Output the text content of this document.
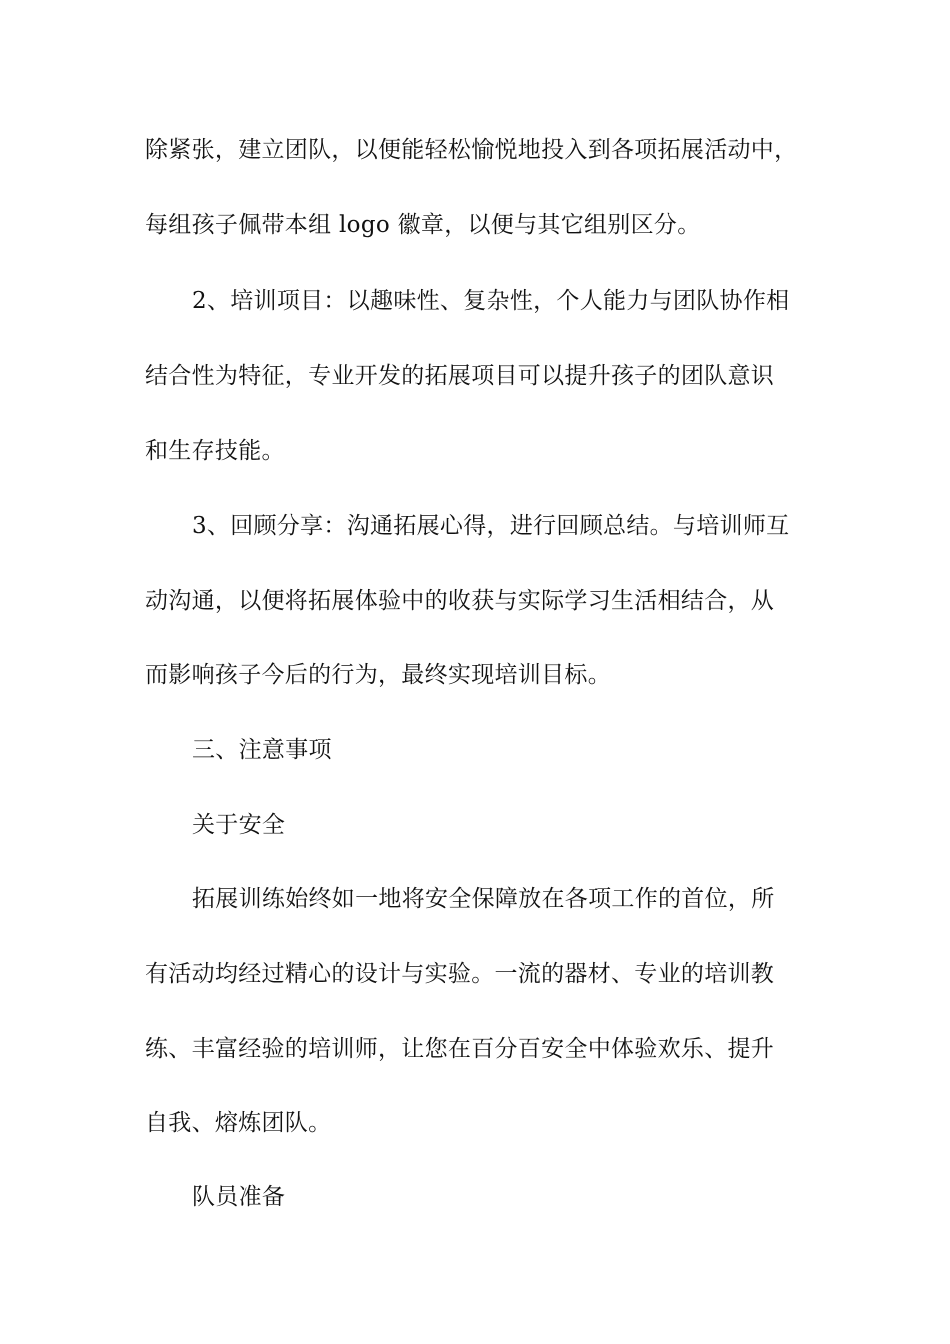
除紧张，建立团队，以便能轻松愉悦地投入到各项拓展活动中，
每组孩子佩带本组 logo 徽章，以便与其它组别区分。
2、培训项目：以趣味性、复杂性，个人能力与团队协作相
结合性为特征，专业开发的拓展项目可以提升孩子的团队意识
和生存技能。
3、回顾分享：沟通拓展心得，进行回顾总结。与培训师互
动沟通，以便将拓展体验中的收获与实际学习生活相结合，从
而影响孩子今后的行为，最终实现培训目标。
三、注意事项
关于安全
拓展训练始终如一地将安全保障放在各项工作的首位，所
有活动均经过精心的设计与实验。一流的器材、专业的培训教
练、丰富经验的培训师，让您在百分百安全中体验欢乐、提升
自我、熔炼团队。
队员准备
